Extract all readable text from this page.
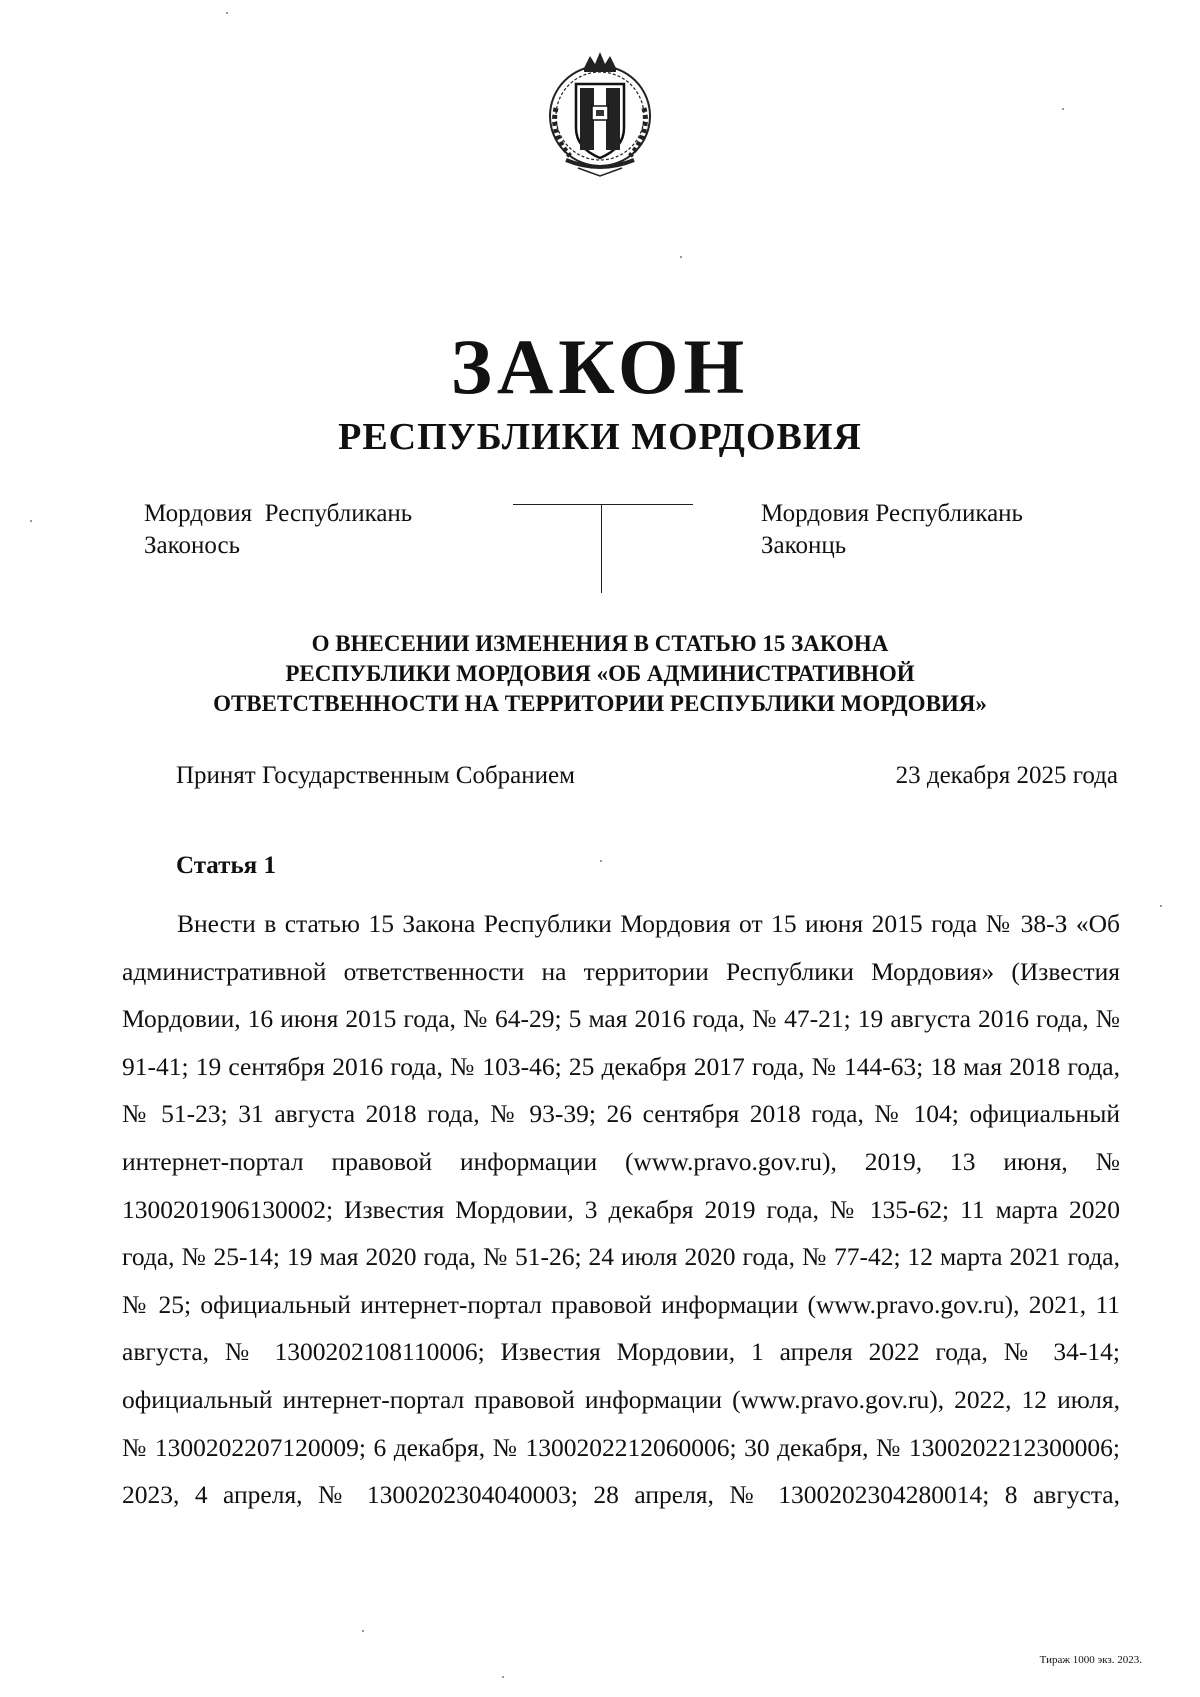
ЗАКОН
РЕСПУБЛИКИ МОРДОВИЯ
Мордовия  Республикань
Законось
Мордовия Республикань
Законць
О ВНЕСЕНИИ ИЗМЕНЕНИЯ В СТАТЬЮ 15 ЗАКОНА
РЕСПУБЛИКИ МОРДОВИЯ «ОБ АДМИНИСТРАТИВНОЙ
ОТВЕТСТВЕННОСТИ НА ТЕРРИТОРИИ РЕСПУБЛИКИ МОРДОВИЯ»
Принят Государственным Собранием	23 декабря 2025 года
Статья 1

Внести в статью 15 Закона Республики Мордовия от 15 июня 2015 года № 38-З «Об административной ответственности на территории Республики Мордовия» (Известия Мордовии, 16 июня 2015 года, № 64-29; 5 мая 2016 года, № 47-21; 19 августа 2016 года, № 91-41; 19 сентября 2016 года, № 103-46; 25 декабря 2017 года, № 144-63; 18 мая 2018 года, № 51-23; 31 августа 2018 года, № 93-39; 26 сентября 2018 года, № 104; официальный интернет-портал правовой информации (www.pravo.gov.ru), 2019, 13 июня, № 1300201906130002; Известия Мордовии, 3 декабря 2019 года, № 135-62; 11 марта 2020 года, № 25-14; 19 мая 2020 года, № 51-26; 24 июля 2020 года, № 77-42; 12 марта 2021 года, № 25; официальный интернет-портал правовой информации (www.pravo.gov.ru), 2021, 11 августа, № 1300202108110006; Известия Мордовии, 1 апреля 2022 года, № 34-14; официальный интернет-портал правовой информации (www.pravo.gov.ru), 2022, 12 июля, № 1300202207120009; 6 декабря, № 1300202212060006; 30 декабря, № 1300202212300006; 2023, 4 апреля, № 1300202304040003; 28 апреля, № 1300202304280014; 8 августа,

Тираж 1000 экз. 2023.
